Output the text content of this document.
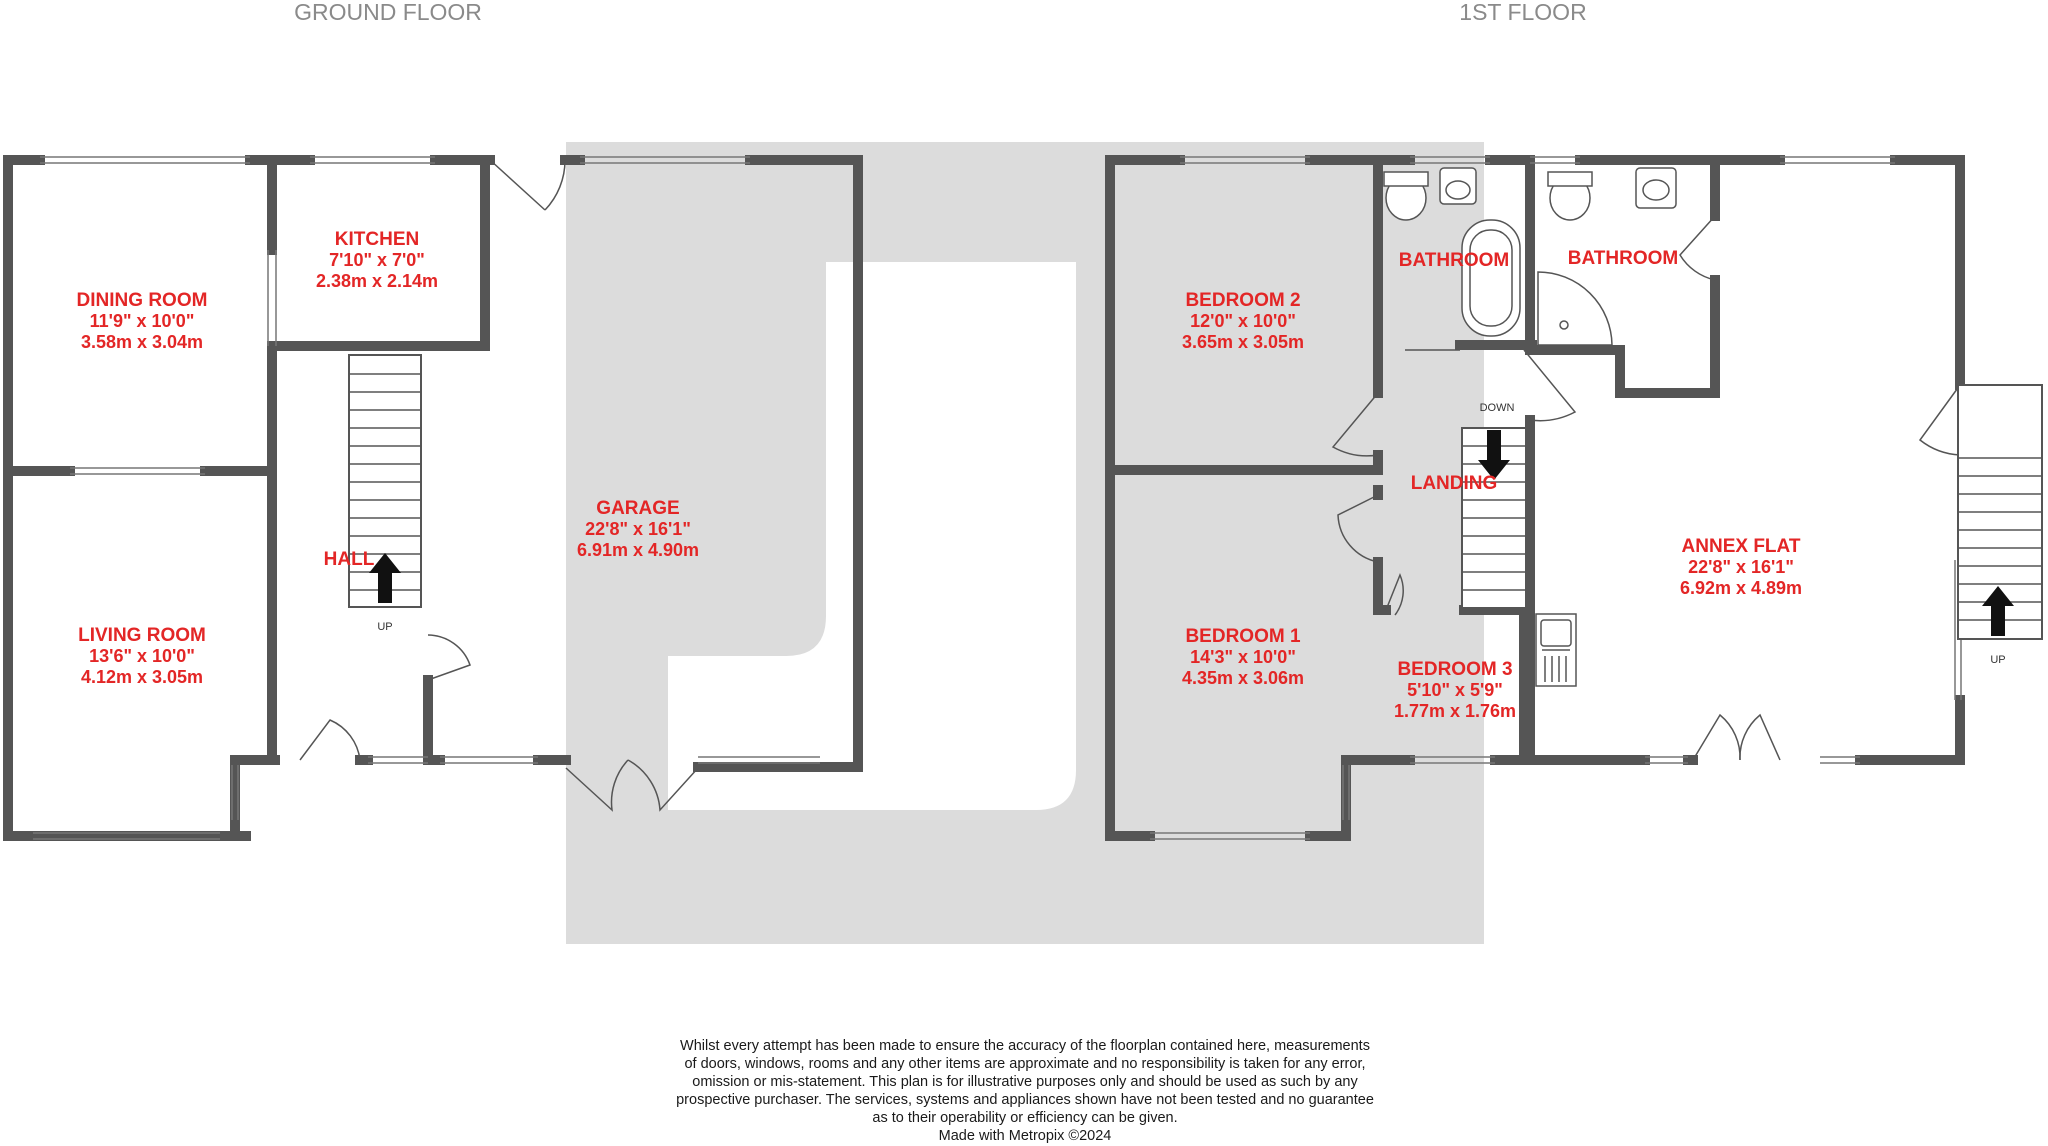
GROUND FLOOR	1ST FLOOR
UP
DOWN
UP
DINING ROOM
11'9" x 10'0"
3.58m x 3.04m
KITCHEN
7'10" x 7'0"
2.38m x 2.14m
LIVING ROOM
13'6" x 10'0"
4.12m x 3.05m
HALL
GARAGE
22'8" x 16'1"
6.91m x 4.90m
BEDROOM 2
12'0" x 10'0"
3.65m x 3.05m
BATHROOM	BATHROOM
LANDING
BEDROOM 1
14'3" x 10'0"
4.35m x 3.06m	BEDROOM 3
5'10" x 5'9"
1.77m x 1.76m
ANNEX FLAT
22'8" x 16'1"
6.92m x 4.89m
Whilst every attempt has been made to ensure the accuracy of the floorplan contained here, measurements
of doors, windows, rooms and any other items are approximate and no responsibility is taken for any error,
omission or mis-statement. This plan is for illustrative purposes only and should be used as such by any
prospective purchaser. The services, systems and appliances shown have not been tested and no guarantee
as to their operability or efficiency can be given.
Made with Metropix ©2024
